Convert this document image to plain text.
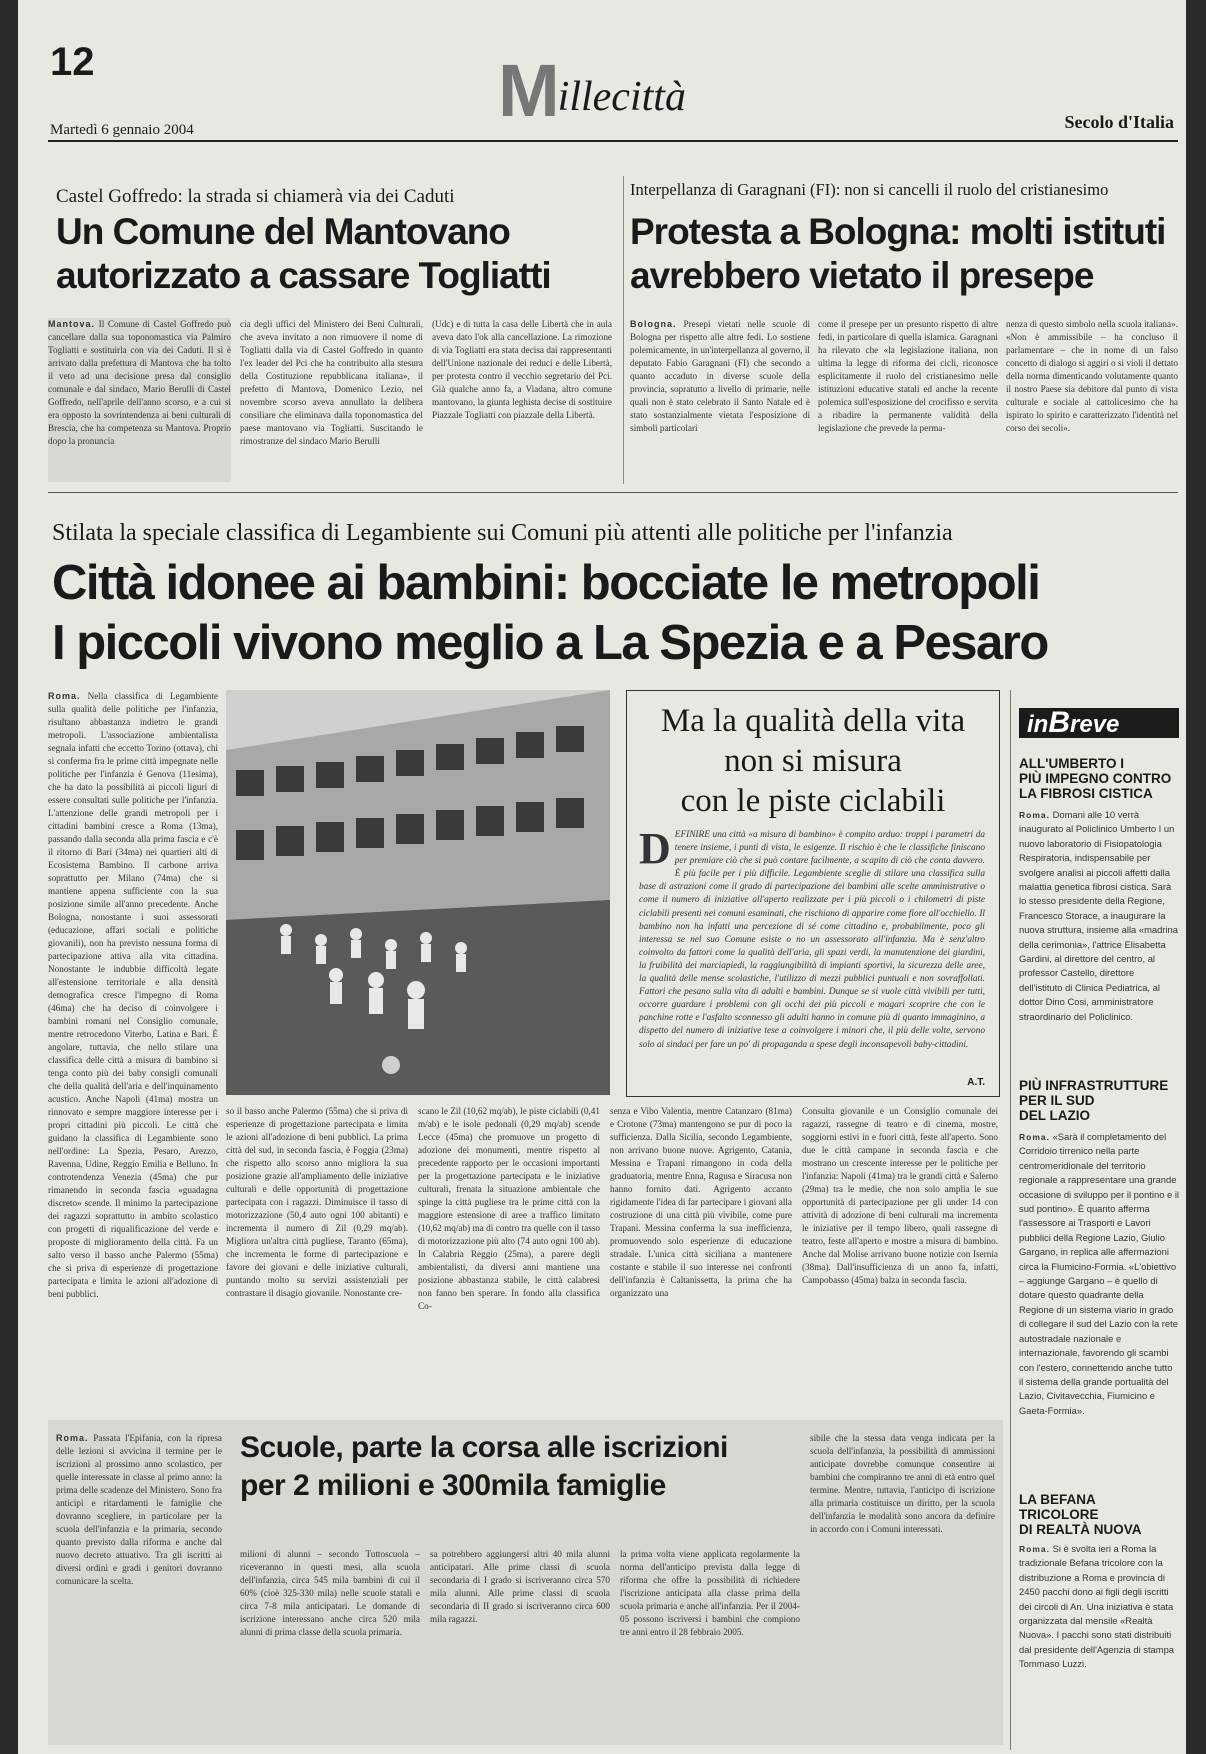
12	Millecittà
Martedì 6 gennaio 2004	Secolo d'Italia
Castel Goffredo: la strada si chiamerà via dei Caduti
Un Comune del Mantovano
autorizzato a cassare Togliatti
Mantova. Il Comune di Castel Goffredo può cancellare dalla sua toponomastica via Palmiro Togliatti e sostituirla con via dei Caduti. Il sì è arrivato dalla prefettura di Mantova che ha tolto il veto ad una decisione presa dal consiglio comunale e dal sindaco, Mario Berulli di Castel Goffredo, nell'aprile dell'anno scorso, e a cui si era opposto la sovrintendenza ai beni culturali di Brescia, che ha competenza su Mantova. Proprio dopo la pronuncia
cia degli uffici del Ministero dei Beni Culturali, che aveva invitato a non rimuovere il nome di Togliatti dalla via di Castel Goffredo in quanto l'ex leader del Pci che ha contribuito alla stesura della Costituzione repubblicana italiana», il prefetto di Mantova, Domenico Lezio, nel novembre scorso aveva annullato la delibera consiliare che eliminava dalla toponomastica del paese mantovano via Togliatti. Suscitando le rimostranze del sindaco Mario Berulli
(Udc) e di tutta la casa delle Libertà che in aula aveva dato l'ok alla cancellazione. La rimozione di via Togliatti era stata decisa dai rappresentanti dell'Unione nazionale dei reduci e delle Libertà, per protesta contro il vecchio segretario del Pci. Già qualche anno fa, a Viadana, altro comune mantovano, la giunta leghista decise di sostituire Piazzale Togliatti con piazzale della Libertà.
Interpellanza di Garagnani (FI): non si cancelli il ruolo del cristianesimo
Protesta a Bologna: molti istituti
avrebbero vietato il presepe
Bologna. Presepi vietati nelle scuole di Bologna per rispetto alle altre fedi. Lo sostiene polemicamente, in un'interpellanza al governo, il deputato Fabio Garagnani (FI) che secondo a quanto accaduto in diverse scuole della provincia, sopratutto a livello di primarie, nelle quali non è stato celebrato il Santo Natale ed è stato sostanzialmente vietata l'esposizione di simboli particolari
come il presepe per un presunto rispetto di altre fedi, in particolare di quella islamica. Garagnani ha rilevato che «la legislazione italiana, non ultima la legge di riforma dei cicli, riconosce esplicitamente il ruolo del cristianesimo nelle istituzioni educative statali ed anche la recente polemica sull'esposizione del crocifisso e servita a ribadire la permanente validità della legislazione che prevede la perma-
nenza di questo simbolo nella scuola italiana». «Non è ammissibile – ha concluso il parlamentare – che in nome di un falso concetto di dialogo si aggiri o si violi il dettato della norma dimenticando volutamente quanto il nostro Paese sia debitore dal punto di vista culturale e sociale al cattolicesimo che ha ispirato lo spirito e caratterizzato l'identità nel corso dei secoli».
Stilata la speciale classifica di Legambiente sui Comuni più attenti alle politiche per l'infanzia
Città idonee ai bambini: bocciate le metropoli
I piccoli vivono meglio a La Spezia e a Pesaro
Roma. Nella classifica di Legambiente sulla qualità delle politiche per l'infanzia, risultano abbastanza indietro le grandi metropoli. L'associazione ambientalista segnala infatti che eccetto Torino (ottava), chi si conferma fra le prime città impegnate nelle politiche per l'infanzia è Genova (11esima), che ha dato la possibilità ai piccoli liguri di essere consultati sulle politiche per l'infanzia. L'attenzione delle grandi metropoli per i cittadini bambini cresce a Roma (13ma), passando dalla seconda alla prima fascia e c'è il ritorno di Bari (34ma) nei quartieri alti di Ecosistema Bambino. Il carbone arriva soprattutto per Milano (74ma) che si mantiene appena sufficiente con la sua posizione simile all'anno precedente. Anche Bologna, nonostante i suoi assessorati (educazione, affari sociali e politiche giovanili), non ha previsto nessuna forma di partecipazione attiva alla vita cittadina. Nonostante le indubbie difficoltà legate all'estensione territoriale e alla densità demografica cresce l'impegno di Roma (46ma) che ha deciso di coinvolgere i bambini romani nel Consiglio comunale, mentre retrocedono Viterbo, Latina e Bari. È angolare, tuttavia, che nello stilare una classifica delle città a misura di bambino si tenga conto più dei baby consigli comunali che della qualità dell'aria e dell'inquinamento acustico. Anche Napoli (41ma) mostra un rinnovato e sempre maggiore interesse per i propri cittadini più piccoli. Le città che guidano la classifica di Legambiente sono nell'ordine: La Spezia, Pesaro, Arezzo, Ravenna, Udine, Reggio Emilia e Belluno. In controtendenza Venezia (45ma) che pur rimanendo in seconda fascia «guadagna discreto» scende. Il minimo la partecipazione dei ragazzi soprattutto in ambito scolastico con progetti di riqualificazione del verde e proposte di miglioramento della città. Fa un salto verso il basso anche Palermo (55ma) che si priva di esperienze di progettazione partecipata e limita le azioni all'adozione di beni pubblici.
Ma la qualità della vita
non si misura
con le piste ciclabili
DEFINIRE una città «a misura di bambino» è compito arduo: troppi i parametri da tenere insieme, i punti di vista, le esigenze. Il rischio è che le classifiche finiscano per premiare ciò che si può contare facilmente, a scapito di ciò che conta davvero. È più facile per i più difficile. Legambiente sceglie di stilare una classifica sulla base di astrazioni come il grado di partecipazione dei bambini alle scelte amministrative o come il numero di iniziative all'aperto realizzate per i più piccoli o i chilometri di piste ciclabili presenti nei comuni esaminati, che rischiano di apparire come fiore all'occhiello. Il bambino non ha infatti una percezione di sé come cittadino e, probabilmente, poco gli interessa se nel suo Comune esiste o no un assessorato all'infanzia. Ma è senz'altro coinvolto da fattori come la qualità dell'aria, gli spazi verdi, la manutenzione dei giardini, la fruibilità dei marciapiedi, la raggiungibilità di impianti sportivi, la sicurezza delle aree, la qualità delle mense scolastiche, l'utilizzo di mezzi pubblici puntuali e non sovraffollati. Fattori che pesano sulla vita di adulti e bambini. Dunque se si vuole città vivibili per tutti, occorre guardare i problemi con gli occhi dei più piccoli e magari scoprire che con le panchine rotte e l'asfalto sconnesso gli adulti hanno in comune più di quanto immaginino, a dispetto del numero di iniziative tese a coinvolgere i minori che, il più delle volte, servono solo ai sindaci per fare un po' di propaganda a spese degli inconsapevoli baby-cittadini.
A.T.
so il basso anche Palermo (55ma) che si priva di esperienze di progettazione partecipata e limita le azioni all'adozione di beni pubblici. La prima città del sud, in seconda fascia, è Foggia (23ma) che rispetto allo scorso anno migliora la sua posizione grazie all'ampliamento delle iniziative culturali e delle opportunità di progettazione partecipata con i ragazzi. Diminuisce il tasso di motorizzazione (50,4 auto ogni 100 abitanti) e incrementa il numero di Zil (0,29 mq/ab). Migliora un'altra città pugliese, Taranto (65ma), che incrementa le forme di partecipazione e favore dei giovani e delle iniziative culturali, puntando molto su servizi assistenziali per contrastare il disagio giovanile. Nonostante cre-
scano le Zil (10,62 mq/ab), le piste ciclabili (0,41 m/ab) e le isole pedonali (0,29 mq/ab) scende Lecce (45ma) che promuove un progetto di adozione dei monumenti, mentre rispetto al precedente rapporto per le occasioni importanti per la progettazione partecipata e le iniziative culturali, frenata la situazione ambientale che spinge la città pugliese tra le prime città con la maggiore estensione di aree a traffico limitato (10,62 mq/ab) ma di contro tra quelle con il tasso di motorizzazione più alto (74 auto ogni 100 ab). In Calabria Reggio (25ma), a parere degli ambientalisti, da diversi anni mantiene una posizione abbastanza stabile, le città calabresi non fanno ben sperare. In fondo alla classifica Co-
senza e Vibo Valentia, mentre Catanzaro (81ma) e Crotone (73ma) mantengono se pur di poco la sufficienza. Dalla Sicilia, secondo Legambiente, non arrivano buone nuove. Agrigento, Catania, Messina e Trapani rimangono in coda della graduatoria, mentre Enna, Ragusa e Siracusa non hanno fornito dati. Agrigento accanto rigidamente l'idea di far partecipare i giovani alla costruzione di una città più vivibile, come pure Trapani. Messina conferma la sua inefficienza, promuovendo solo esperienze di educazione stradale. L'unica città siciliana a mantenere costante e stabile il suo interesse nei confronti dell'infanzia è Caltanissetta, la prima che ha organizzato una
Consulta giovanile e un Consiglio comunale dei ragazzi, rassegne di teatro e di cinema, mostre, soggiorni estivi in e fuori città, feste all'aperto. Sono due le città campane in seconda fascia e che mostrano un crescente interesse per le politiche per l'infanzia: Napoli (41ma) tra le grandi città e Salerno (29ma) tra le medie, che non solo amplia le sue opportunità di partecipazione per gli under 14 con attività di adozione di beni culturali ma incrementa le iniziative per il tempo libero, quali rassegne di teatro, feste all'aperto e mostre a misura di bambino. Anche dal Molise arrivano buone notizie con Isernia (38ma). Dall'insufficienza di un anno fa, infatti, Campobasso (45ma) balza in seconda fascia.
inBreve
ALL'UMBERTO I
PIÙ IMPEGNO CONTRO
LA FIBROSI CISTICA
Roma. Domani alle 10 verrà inaugurato al Policlinico Umberto I un nuovo laboratorio di Fisiopatologia Respiratoria, indispensabile per svolgere analisi ai piccoli affetti dalla malattia genetica fibrosi cistica. Sarà lo stesso presidente della Regione, Francesco Storace, a inaugurare la nuova struttura, insieme alla «madrina della cerimonia», l'attrice Elisabetta Gardini, al direttore del centro, al professor Castello, direttore dell'istituto di Clinica Pediatrica, al dottor Dino Cosi, amministratore straordinario del Policlinico.
PIÙ INFRASTRUTTURE
PER IL SUD
DEL LAZIO
Roma. «Sarà il completamento del Corridoio tirrenico nella parte centromeridionale del territorio regionale a rappresentare una grande occasione di sviluppo per il pontino e il sud pontino». È quanto afferma l'assessore ai Trasporti e Lavori pubblici della Regione Lazio, Giulio Gargano, in replica alle affermazioni circa la Flumicino-Formia. «L'obiettivo – aggiunge Gargano – è quello di dotare questo quadrante della Regione di un sistema viario in grado di collegare il sud del Lazio con la rete autostradale nazionale e internazionale, favorendo gli scambi con l'estero, connettendo anche tutto il sistema della grande portualità del Lazio, Civitavecchia, Fiumicino e Gaeta-Formia».
LA BEFANA
TRICOLORE
DI REALTÀ NUOVA
Roma. Si è svolta ieri a Roma la tradizionale Befana tricolore con la distribuzione a Roma e provincia di 2450 pacchi dono ai figli degli iscritti dei circoli di An. Una iniziativa è stata organizzata dal mensile «Realtà Nuova». I pacchi sono stati distribuiti dal presidente dell'Agenzia di stampa Tommaso Luzzi.
Roma. Passata l'Epifania, con la ripresa delle lezioni si avvicina il termine per le iscrizioni al prossimo anno scolastico, per quelle interessate in classe al primo anno: la prima delle scadenze del Ministero. Sono fra anticipi e ritardamenti le famiglie che dovranno scegliere, in particolare per la scuola dell'infanzia e la primaria, secondo quanto previsto dalla riforma e anche dal nuovo decreto attuativo. Tra gli iscritti ai diversi ordini e gradi i genitori dovranno comunicare la scelta.
Scuole, parte la corsa alle iscrizioni
per 2 milioni e 300mila famiglie
milioni di alunni – secondo Tuttoscuola – riceveranno in questi mesi, alla scuola dell'infanzia, circa 545 mila bambini di cui il 60% (cioè 325-330 mila) nelle scuole statali e circa 7-8 mila anticipatari. Le domande di iscrizione interessano anche circa 520 mila alunni di prima classe della scuola primaria.
sa potrebbero aggiungersi altri 40 mila alunni anticipatari. Alle prime classi di scuola secondaria di I grado si iscriveranno circa 570 mila alunni. Alle prime classi di scuola secondaria di II grado si iscriveranno circa 600 mila ragazzi.
la prima volta viene applicata regolarmente la norma dell'anticipo prevista dalla legge di riforma che offre la possibilità di richiedere l'iscrizione anticipata alla classe prima della scuola primaria e anche all'infanzia. Per il 2004-05 possono iscriversi i bambini che compiono tre anni entro il 28 febbraio 2005.
sibile che la stessa data venga indicata per la scuola dell'infanzia, la possibilità di ammissioni anticipate dovrebbe comunque consentire ai bambini che compiranno tre anni di età entro quel termine. Mentre, tuttavia, l'anticipo di iscrizione alla primaria costituisce un diritto, per la scuola dell'infanzia le modalità sono ancora da definire in accordo con i Comuni interessati.
